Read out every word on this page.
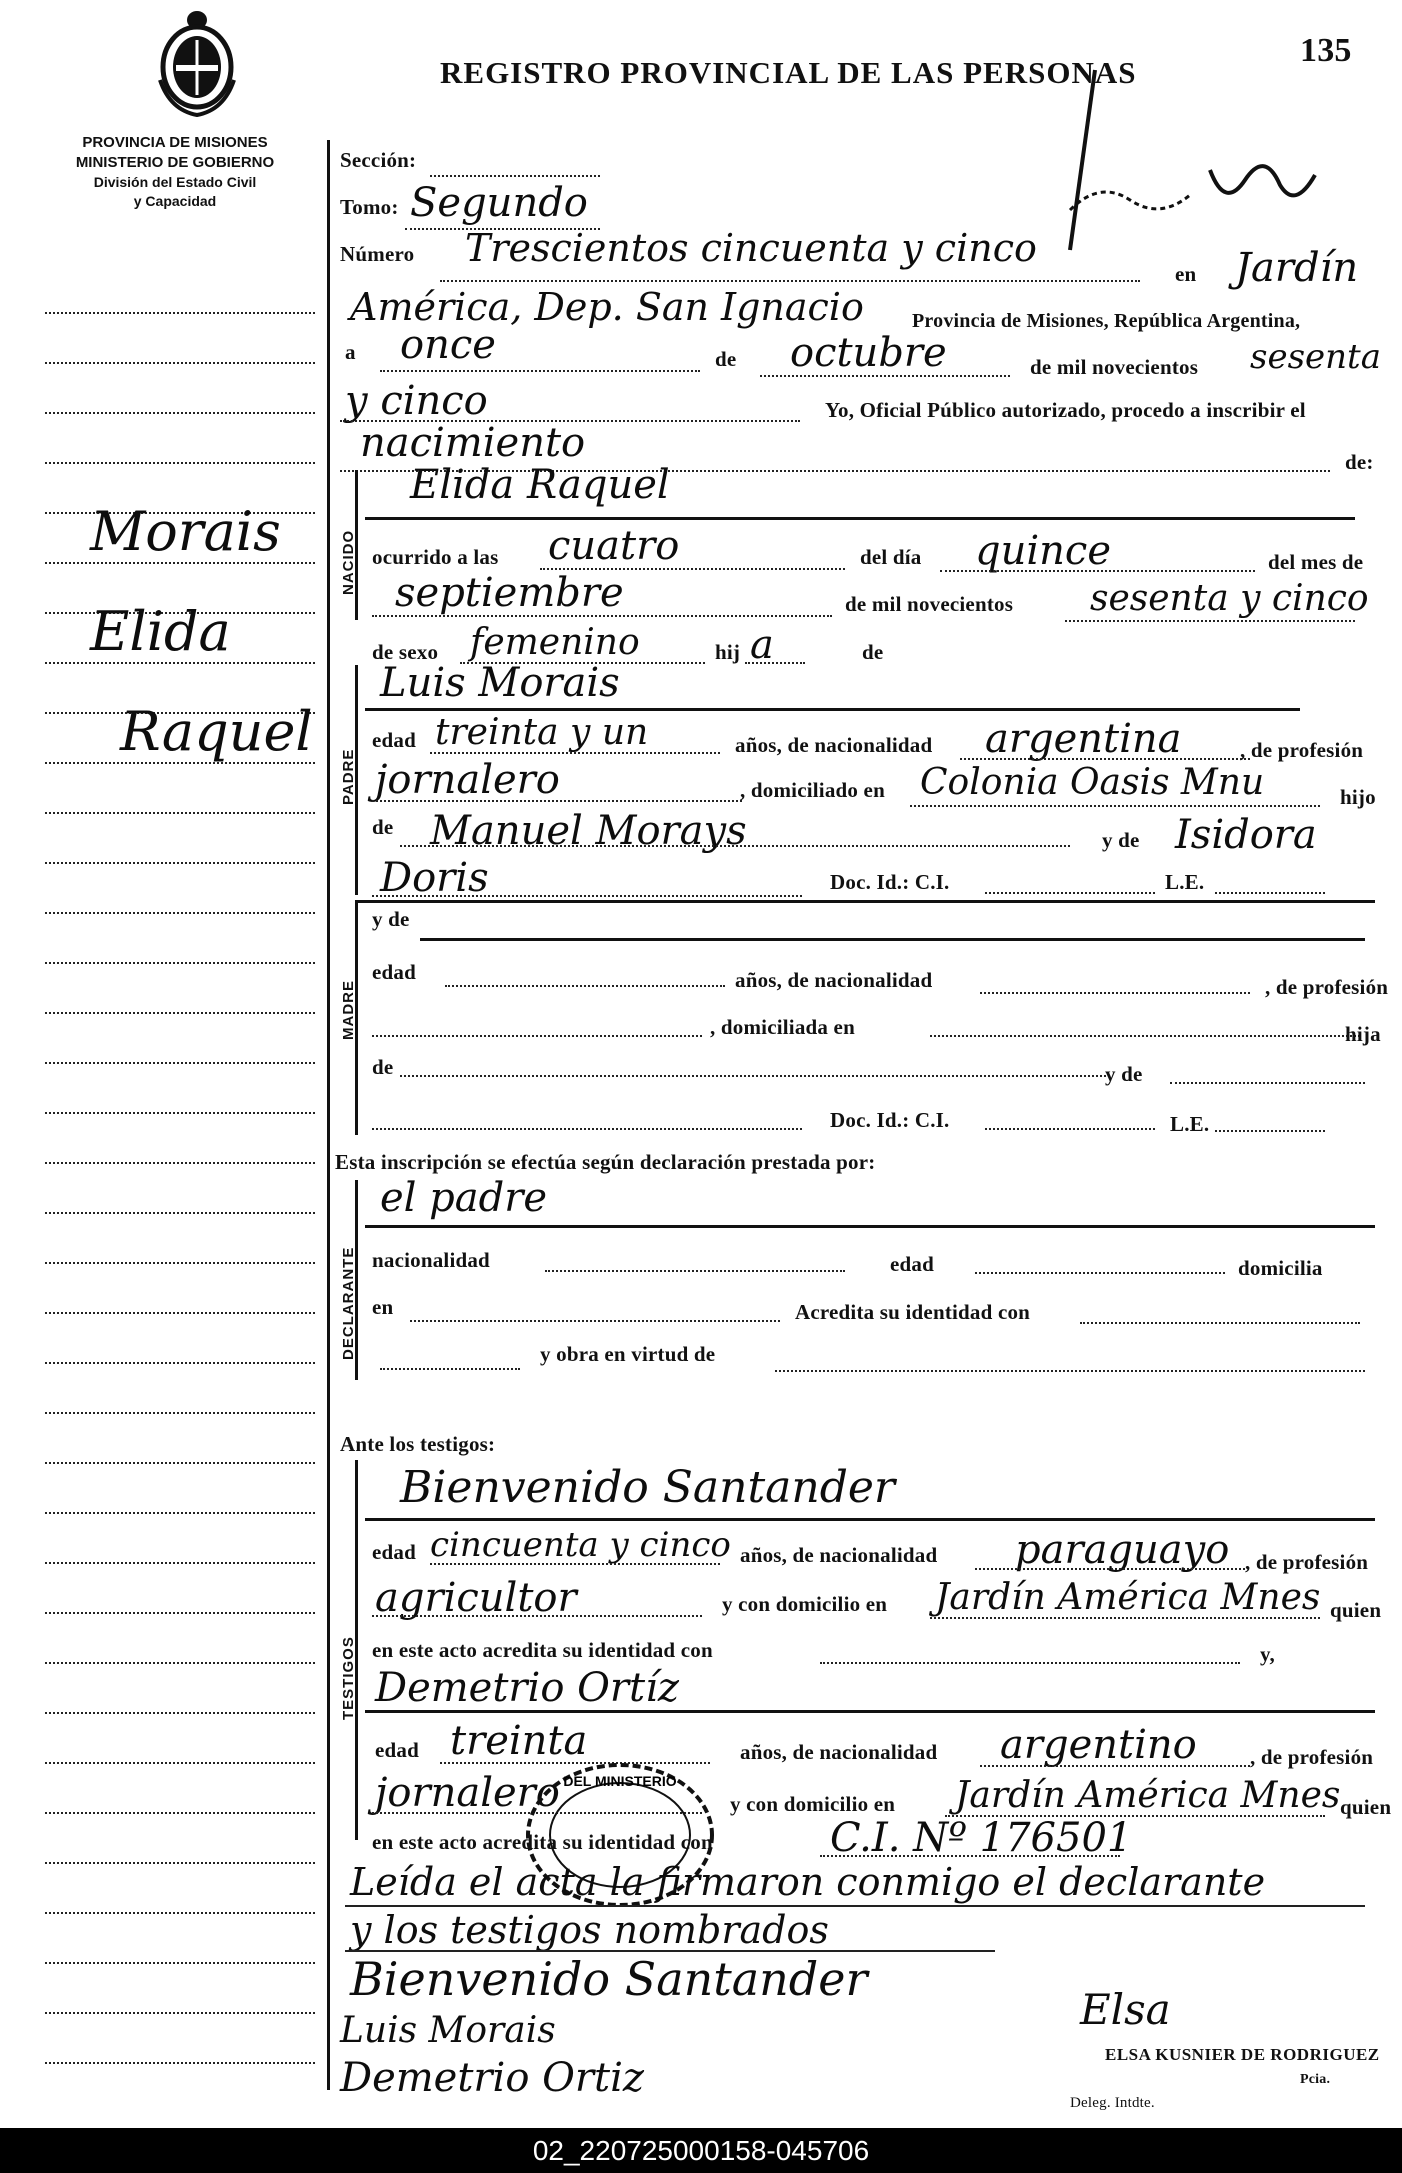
PROVINCIA DE MISIONES
MINISTERIO DE GOBIERNO
División del Estado Civil
y Capacidad
REGISTRO PROVINCIAL DE LAS PERSONAS
135
Morais
Elida
Raquel
Sección:
Tomo: Segundo
Número Trescientos cincuenta y cinco
en Jardín
América, Dep. San Ignacio Provincia de Misiones, República Argentina,
a once	de octubre	de mil novecientos sesenta
y cinco	Yo, Oficial Público autorizado, procedo a inscribir el
nacimiento	de:
NACIDO
Elida Raquel
ocurrido a las cuatro	del día quince	del mes de
septiembre	de mil novecientos sesenta y cinco
de sexo femenino	hij a	de
PADRE
Luis Morais
edad treinta y un	años, de nacionalidad argentina	, de profesión
jornalero	, domiciliado en Colonia Oasis Mnu	hijo
de Manuel Morays	y de Isidora
Doris	Doc. Id.: C.I.	L.E.
MADRE
y de
edad	años, de nacionalidad	, de profesión
, domiciliada en	hija
de	y de
Doc. Id.: C.I.	L.E.
Esta inscripción se efectúa según declaración prestada por:
DECLARANTE
el padre
nacionalidad	edad	domicilia
en	Acredita su identidad con
y obra en virtud de
Ante los testigos:
TESTIGOS
Bienvenido Santander
edad cincuenta y cinco años, de nacionalidad paraguayo , de profesión
agricultor	y con domicilio en Jardín América Mnes quien
en este acto acredita su identidad con	y,
Demetrio Ortíz
edad treinta	años, de nacionalidad argentino	, de profesión
jornalero	y con domicilio en Jardín América Mnes quien
en este acto acredita su identidad con	C.I. Nº 176501
DEL MINISTERIO
Leída el acta la firmaron conmigo el declarante
y los testigos nombrados
Bienvenido Santander
Luis Morais
Demetrio Ortiz
Elsa
ELSA KUSNIER DE RODRIGUEZ
Deleg. Intdte.
Pcia.
02_220725000158-045706
